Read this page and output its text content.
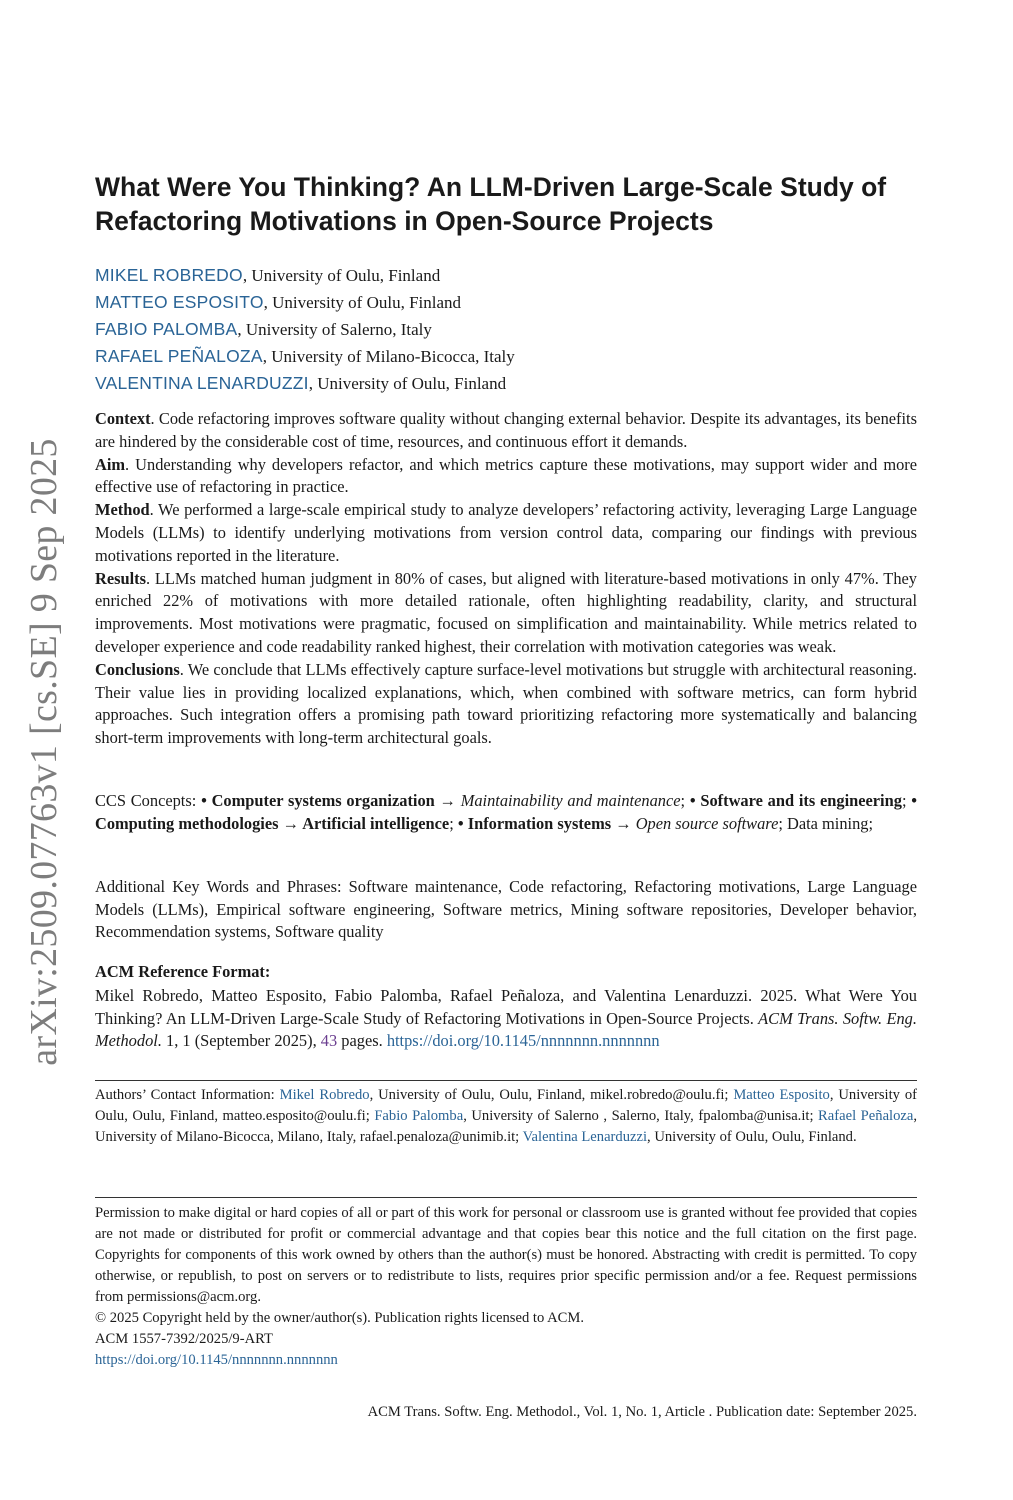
arXiv:2509.07763v1 [cs.SE] 9 Sep 2025
What Were You Thinking? An LLM-Driven Large-Scale Study of Refactoring Motivations in Open-Source Projects
MIKEL ROBREDO, University of Oulu, Finland
MATTEO ESPOSITO, University of Oulu, Finland
FABIO PALOMBA, University of Salerno, Italy
RAFAEL PEÑALOZA, University of Milano-Bicocca, Italy
VALENTINA LENARDUZZI, University of Oulu, Finland

Context. Code refactoring improves software quality without changing external behavior. Despite its advantages, its benefits are hindered by the considerable cost of time, resources, and continuous effort it demands.

Aim. Understanding why developers refactor, and which metrics capture these motivations, may support wider and more effective use of refactoring in practice.

Method. We performed a large-scale empirical study to analyze developers’ refactoring activity, leveraging Large Language Models (LLMs) to identify underlying motivations from version control data, comparing our findings with previous motivations reported in the literature.

Results. LLMs matched human judgment in 80% of cases, but aligned with literature-based motivations in only 47%. They enriched 22% of motivations with more detailed rationale, often highlighting readability, clarity, and structural improvements. Most motivations were pragmatic, focused on simplification and maintainability. While metrics related to developer experience and code readability ranked highest, their correlation with motivation categories was weak.

Conclusions. We conclude that LLMs effectively capture surface-level motivations but struggle with architectural reasoning. Their value lies in providing localized explanations, which, when combined with software metrics, can form hybrid approaches. Such integration offers a promising path toward prioritizing refactoring more systematically and balancing short-term improvements with long-term architectural goals.

CCS Concepts: • Computer systems organization → Maintainability and maintenance; • Software and its engineering; • Computing methodologies → Artificial intelligence; • Information systems → Open source software; Data mining;
Additional Key Words and Phrases: Software maintenance, Code refactoring, Refactoring motivations, Large Language Models (LLMs), Empirical software engineering, Software metrics, Mining software repositories, Developer behavior, Recommendation systems, Software quality
ACM Reference Format:
Mikel Robredo, Matteo Esposito, Fabio Palomba, Rafael Peñaloza, and Valentina Lenarduzzi. 2025. What Were You Thinking? An LLM-Driven Large-Scale Study of Refactoring Motivations in Open-Source Projects. ACM Trans. Softw. Eng. Methodol. 1, 1 (September 2025), 43 pages. https://doi.org/10.1145/nnnnnnn.nnnnnnn
Authors’ Contact Information: Mikel Robredo, University of Oulu, Oulu, Finland, mikel.robredo@oulu.fi; Matteo Esposito, University of Oulu, Oulu, Finland, matteo.esposito@oulu.fi; Fabio Palomba, University of Salerno , Salerno, Italy, fpalomba@unisa.it; Rafael Peñaloza, University of Milano-Bicocca, Milano, Italy, rafael.penaloza@unimib.it; Valentina Lenarduzzi, University of Oulu, Oulu, Finland.

Permission to make digital or hard copies of all or part of this work for personal or classroom use is granted without fee provided that copies are not made or distributed for profit or commercial advantage and that copies bear this notice and the full citation on the first page. Copyrights for components of this work owned by others than the author(s) must be honored. Abstracting with credit is permitted. To copy otherwise, or republish, to post on servers or to redistribute to lists, requires prior specific permission and/or a fee. Request permissions from permissions@acm.org.

© 2025 Copyright held by the owner/author(s). Publication rights licensed to ACM.

ACM 1557-7392/2025/9-ART

https://doi.org/10.1145/nnnnnnn.nnnnnnn

ACM Trans. Softw. Eng. Methodol., Vol. 1, No. 1, Article . Publication date: September 2025.
